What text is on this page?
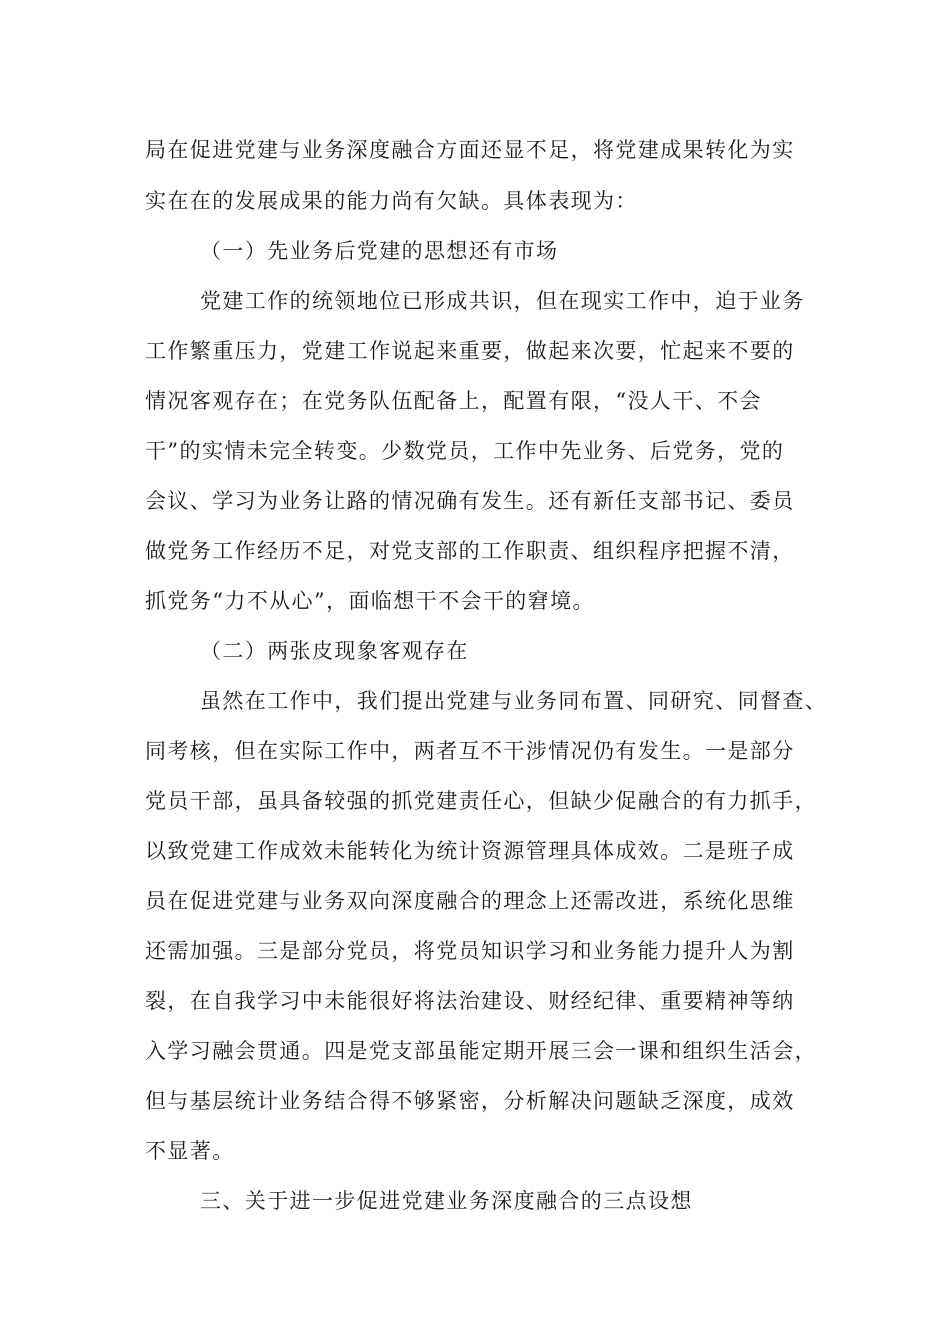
局在促进党建与业务深度融合方面还显不足，将党建成果转化为实
实在在的发展成果的能力尚有欠缺。具体表现为：
（一）先业务后党建的思想还有市场
党建工作的统领地位已形成共识，但在现实工作中，迫于业务
工作繁重压力，党建工作说起来重要，做起来次要，忙起来不要的
情况客观存在；在党务队伍配备上，配置有限，“没人干、不会
干”的实情未完全转变。少数党员，工作中先业务、后党务，党的
会议、学习为业务让路的情况确有发生。还有新任支部书记、委员
做党务工作经历不足，对党支部的工作职责、组织程序把握不清，
抓党务“力不从心”，面临想干不会干的窘境。
（二）两张皮现象客观存在
虽然在工作中，我们提出党建与业务同布置、同研究、同督查、
同考核，但在实际工作中，两者互不干涉情况仍有发生。一是部分
党员干部，虽具备较强的抓党建责任心，但缺少促融合的有力抓手，
以致党建工作成效未能转化为统计资源管理具体成效。二是班子成
员在促进党建与业务双向深度融合的理念上还需改进，系统化思维
还需加强。三是部分党员，将党员知识学习和业务能力提升人为割
裂，在自我学习中未能很好将法治建设、财经纪律、重要精神等纳
入学习融会贯通。四是党支部虽能定期开展三会一课和组织生活会，
但与基层统计业务结合得不够紧密，分析解决问题缺乏深度，成效
不显著。
三、关于进一步促进党建业务深度融合的三点设想
